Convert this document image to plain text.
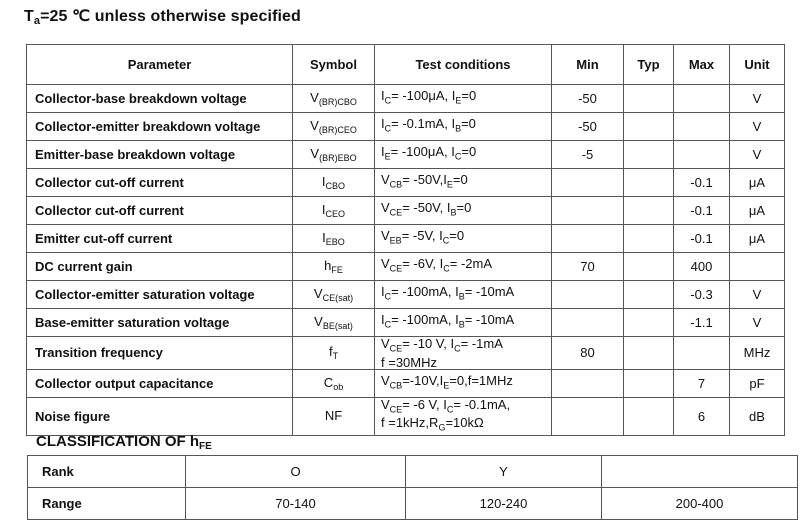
$T_a=25$ ℃ unless otherwise specified
Parameter	Symbol	Test conditions	Min	Typ	Max	Unit
Collector-base breakdown voltage	$V_{(BR)CBO}$	$I_C= -100\mu A$, $I_E=0$	-50			V
Collector-emitter breakdown voltage	$V_{(BR)CEO}$	$I_C= -0.1mA$, $I_B=0$	-50			V
Emitter-base breakdown voltage	$V_{(BR)EBO}$	$I_E= -100\mu A$, $I_C=0$	-5			V
Collector cut-off current	$I_{CBO}$	$V_{CB}= -50V,I_E=0$			-0.1	μA
Collector cut-off current	$I_{CEO}$	$V_{CE}= -50V$, $I_B=0$			-0.1	μA
Emitter cut-off current	$I_{EBO}$	$V_{EB}= -5V$, $I_C=0$			-0.1	μA
DC current gain	$h_{FE}$	$V_{CE}= -6V$, $I_C= -2mA$	70		400	
Collector-emitter saturation voltage	$V_{CE(sat)}$	$I_C= -100mA$, $I_B= -10mA$			-0.3	V
Base-emitter saturation voltage	$V_{BE(sat)}$	$I_C= -100mA$, $I_B= -10mA$			-1.1	V
Transition frequency	$f_T$	$V_{CE}= -10$ V, $I_C= -1mA$
f =30MHz	80			MHz
Collector output capacitance	$C_{ob}$	$V_{CB}=-10V,I_E=0,f=1MHz$			7	pF
Noise figure	NF	$V_{CE}= -6$ V, $I_C= -0.1mA$,
$f =1kHz,R_G=10k\Omega$			6	dB
CLASSIFICATION OF $h_{FE}$
Rank	O	Y	
Range	70-140	120-240	200-400
